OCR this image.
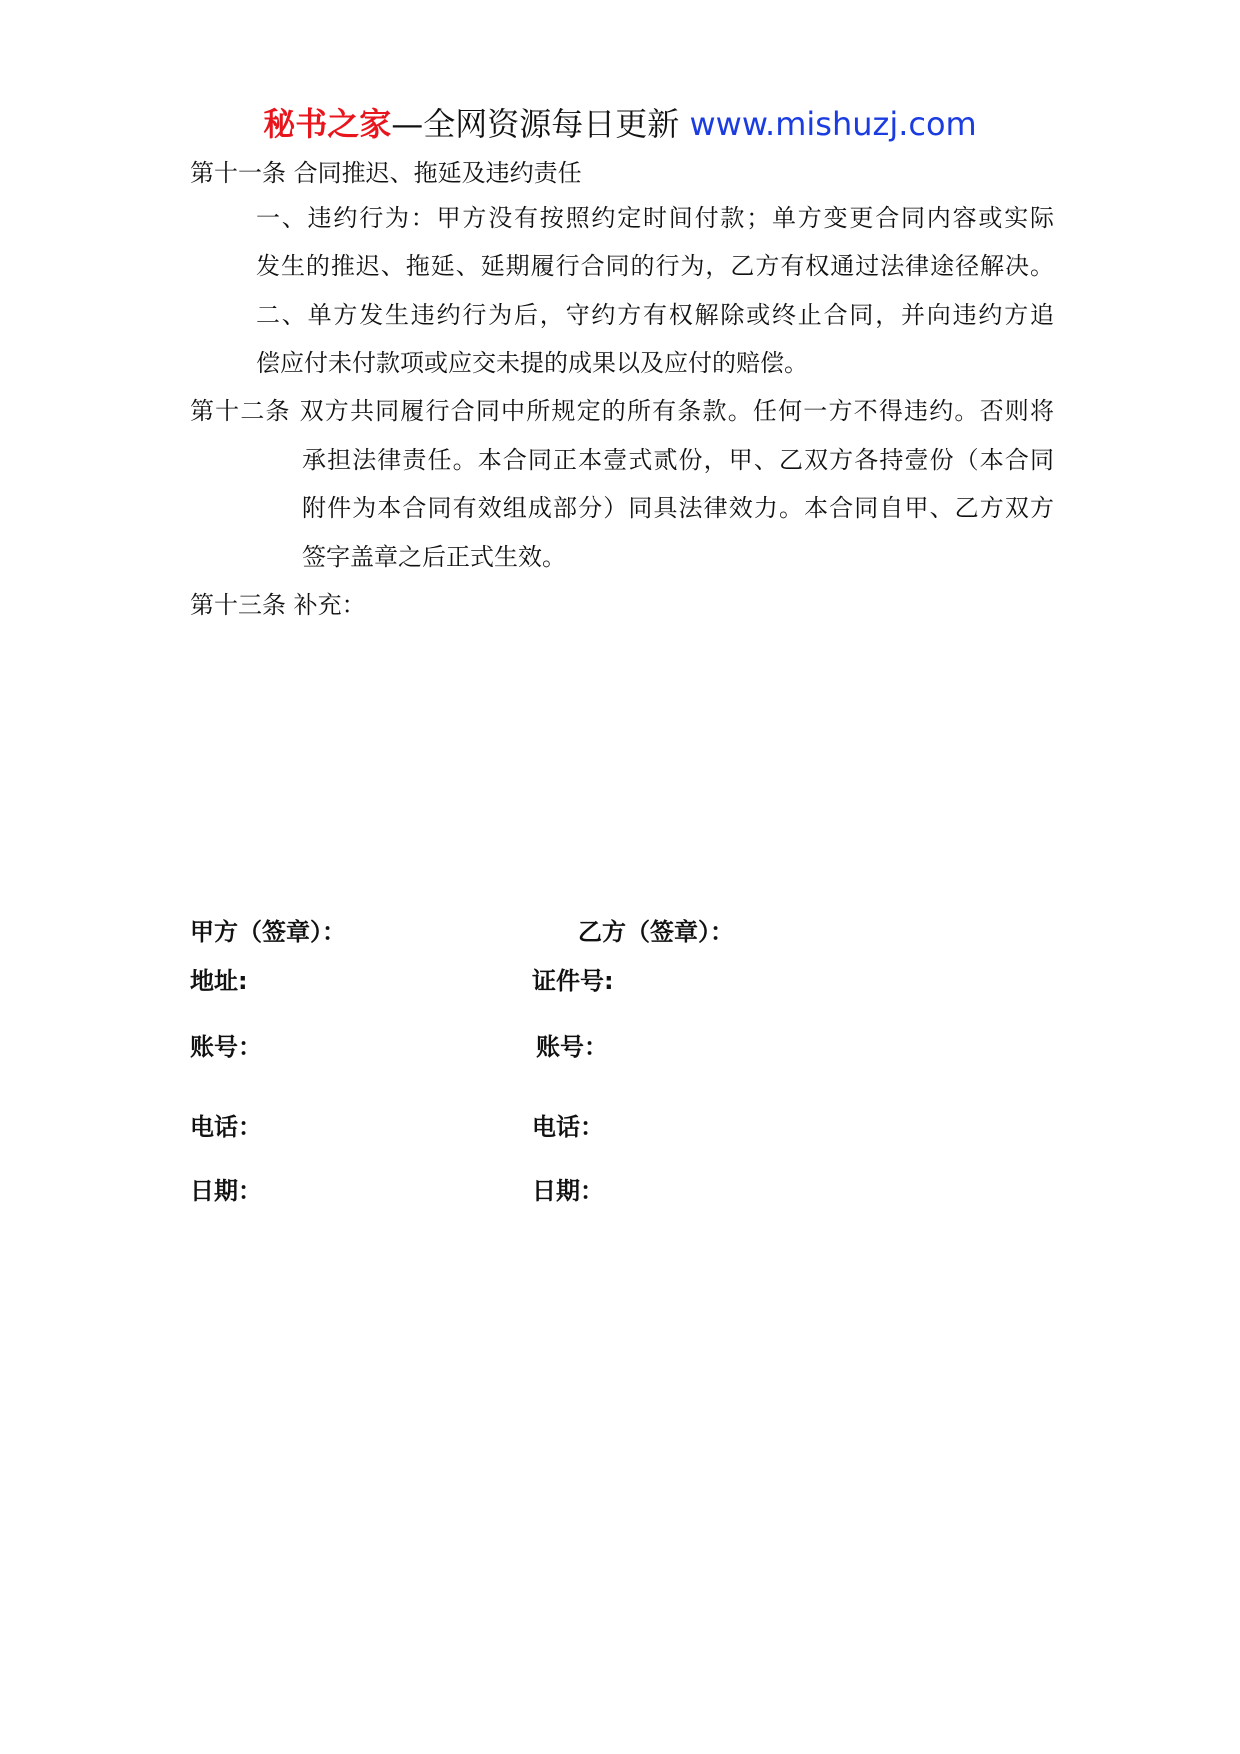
秘书之家—全网资源每日更新 www.mishuzj.com
第十一条 合同推迟、拖延及违约责任
一、违约行为：甲方没有按照约定时间付款；单方变更合同内容或实际
发生的推迟、拖延、延期履行合同的行为，乙方有权通过法律途径解决。
二、单方发生违约行为后，守约方有权解除或终止合同，并向违约方追
偿应付未付款项或应交未提的成果以及应付的赔偿。
第十二条 双方共同履行合同中所规定的所有条款。任何一方不得违约。否则将
承担法律责任。本合同正本壹式贰份，甲、乙双方各持壹份（本合同
附件为本合同有效组成部分）同具法律效力。本合同自甲、乙方双方
签字盖章之后正式生效。
第十三条 补充：
甲方（签章）：	乙方（签章）：
地址:	证件号:
账号：	账号：
电话：	电话：
日期：	日期：
